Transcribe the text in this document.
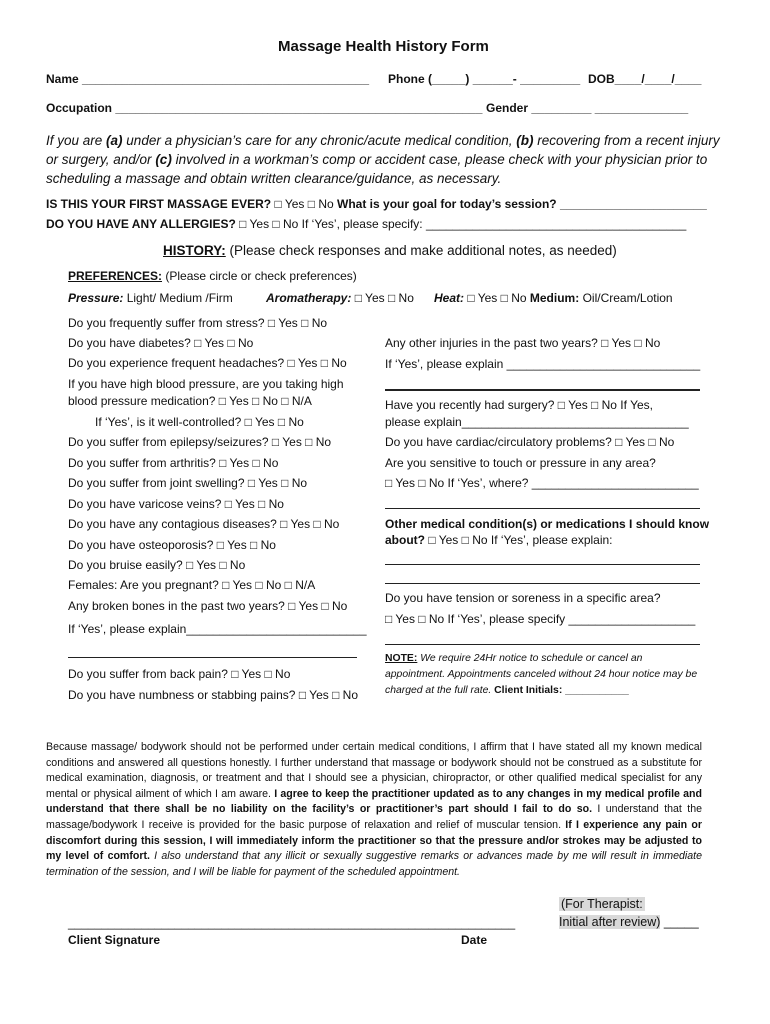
Massage Health History Form
Name ___________________________________________ Phone (_____) ______- _________ DOB____/____/____
Occupation _______________________________________________________ Gender _________ ______________
If you are (a) under a physician’s care for any chronic/acute medical condition, (b) recovering from a recent injury or surgery, and/or (c) involved in a workman’s comp or accident case, please check with your physician prior to scheduling a massage and obtain written clearance/guidance, as necessary.
IS THIS YOUR FIRST MASSAGE EVER? □ Yes □ No What is your goal for today’s session? ______________________
DO YOU HAVE ANY ALLERGIES? □ Yes □ No If ‘Yes’, please specify: _______________________________________
HISTORY: (Please check responses and make additional notes, as needed)
PREFERENCES: (Please circle or check preferences)
Pressure: Light/ Medium /Firm	Aromatherapy: □ Yes □ No Heat: □ Yes □ No Medium: Oil/Cream/Lotion
Do you frequently suffer from stress? □ Yes □ No
Do you have diabetes? □ Yes □ No
Do you experience frequent headaches? □ Yes □ No
If you have high blood pressure, are you taking high
blood pressure medication? □ Yes □ No □ N/A
If ‘Yes’, is it well-controlled? □ Yes □ No
Do you suffer from epilepsy/seizures? □ Yes □ No
Do you suffer from arthritis? □ Yes □ No
Do you suffer from joint swelling? □ Yes □ No
Do you have varicose veins? □ Yes □ No
Do you have any contagious diseases? □ Yes □ No
Do you have osteoporosis? □ Yes □ No
Do you bruise easily? □ Yes □ No
Females: Are you pregnant? □ Yes □ No □ N/A
Any broken bones in the past two years? □ Yes □ No
If ‘Yes’, please explain___________________________
Do you suffer from back pain? □ Yes □ No
Do you have numbness or stabbing pains? □ Yes □ No
Any other injuries in the past two years? □ Yes □ No
If ‘Yes’, please explain _____________________________
Have you recently had surgery? □ Yes □ No If Yes,
please explain__________________________________
Do you have cardiac/circulatory problems? □ Yes □ No
Are you sensitive to touch or pressure in any area?
□ Yes □ No If ‘Yes’, where? _________________________
Other medical condition(s) or medications I should know
about? □ Yes □ No If ‘Yes’, please explain:
Do you have tension or soreness in a specific area?
□ Yes □ No If ‘Yes’, please specify ___________________
NOTE: We require 24Hr notice to schedule or cancel an appointment. Appointments canceled without 24 hour notice may be charged at the full rate. Client Initials: ___________
Because massage/ bodywork should not be performed under certain medical conditions, I affirm that I have stated all my known medical conditions and answered all questions honestly. I further understand that massage or bodywork should not be construed as a substitute for medical examination, diagnosis, or treatment and that I should see a physician, chiropractor, or other qualified medical specialist for any mental or physical ailment of which I am aware. I agree to keep the practitioner updated as to any changes in my medical profile and understand that there shall be no liability on the facility’s or practitioner’s part should I fail to do so. I understand that the massage/bodywork I receive is provided for the basic purpose of relaxation and relief of muscular tension. If I experience any pain or discomfort during this session, I will immediately inform the practitioner so that the pressure and/or strokes may be adjusted to my level of comfort. I also understand that any illicit or sexually suggestive remarks or advances made by me will result in immediate termination of the session, and I will be liable for payment of the scheduled appointment.
___________________________________________________________________
Client Signature	Date
(For Therapist:
Initial after review) _____
